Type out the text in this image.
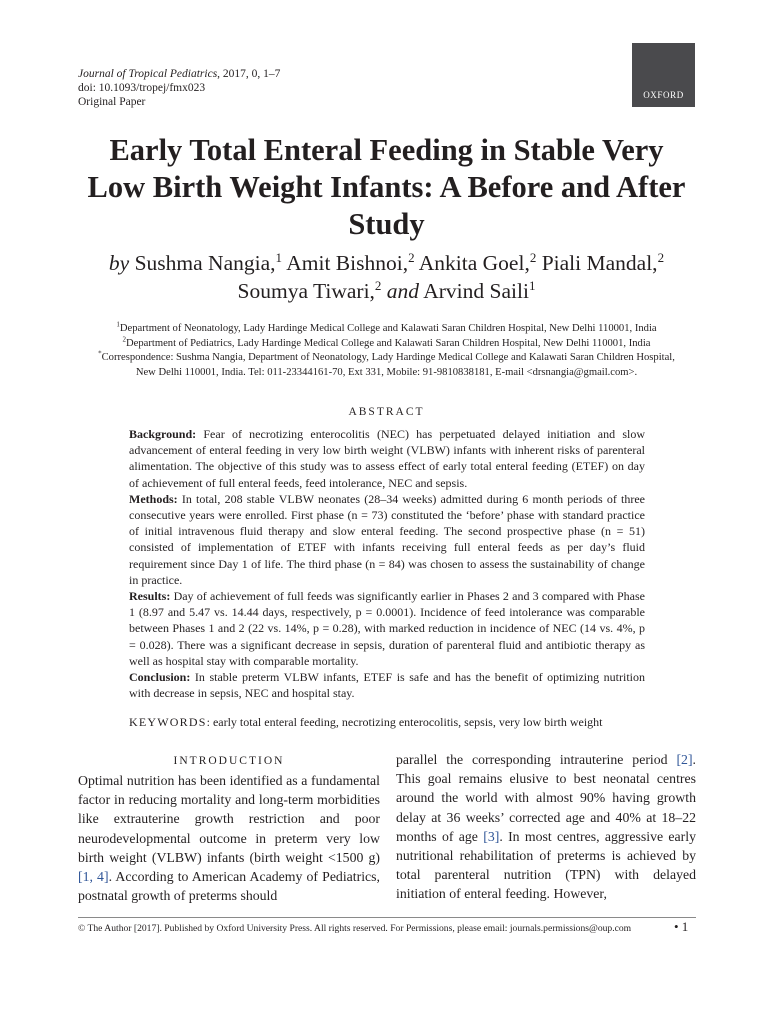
Journal of Tropical Pediatrics, 2017, 0, 1–7
doi: 10.1093/tropej/fmx023
Original Paper
OXFORD
Early Total Enteral Feeding in Stable Very Low Birth Weight Infants: A Before and After Study
by Sushma Nangia,$^1$ Amit Bishnoi,$^2$ Ankita Goel,$^2$ Piali Mandal,$^2$
Soumya Tiwari,$^2$ and Arvind Saili$^1$
$^1$Department of Neonatology, Lady Hardinge Medical College and Kalawati Saran Children Hospital, New Delhi 110001, India
$^2$Department of Pediatrics, Lady Hardinge Medical College and Kalawati Saran Children Hospital, New Delhi 110001, India
*Correspondence: Sushma Nangia, Department of Neonatology, Lady Hardinge Medical College and Kalawati Saran Children Hospital, New Delhi 110001, India. Tel: 011-23344161-70, Ext 331, Mobile: 91-9810838181, E-mail <drsnangia@gmail.com>.
ABSTRACT

Background: Fear of necrotizing enterocolitis (NEC) has perpetuated delayed initiation and slow advancement of enteral feeding in very low birth weight (VLBW) infants with inherent risks of parenteral alimentation. The objective of this study was to assess effect of early total enteral feeding (ETEF) on day of achievement of full enteral feeds, feed intolerance, NEC and sepsis.

Methods: In total, 208 stable VLBW neonates (28–34 weeks) admitted during 6 month periods of three consecutive years were enrolled. First phase (n = 73) constituted the ‘before’ phase with standard practice of initial intravenous fluid therapy and slow enteral feeding. The second prospective phase (n = 51) consisted of implementation of ETEF with infants receiving full enteral feeds as per day’s fluid requirement since Day 1 of life. The third phase (n = 84) was chosen to assess the sustainability of change in practice.

Results: Day of achievement of full feeds was significantly earlier in Phases 2 and 3 compared with Phase 1 (8.97 and 5.47 vs. 14.44 days, respectively, p = 0.0001). Incidence of feed intolerance was comparable between Phases 1 and 2 (22 vs. 14%, p = 0.28), with marked reduction in incidence of NEC (14 vs. 4%, p = 0.028). There was a significant decrease in sepsis, duration of parenteral fluid and antibiotic therapy as well as hospital stay with comparable mortality.

Conclusion: In stable preterm VLBW infants, ETEF is safe and has the benefit of optimizing nutrition with decrease in sepsis, NEC and hospital stay.

KEYWORDS: early total enteral feeding, necrotizing enterocolitis, sepsis, very low birth weight
INTRODUCTION

Optimal nutrition has been identified as a fundamental factor in reducing mortality and long-term morbidities like extrauterine growth restriction and poor neurodevelopmental outcome in preterm very low birth weight (VLBW) infants (birth weight <1500 g) [1, 4]. According to American Academy of Pediatrics, postnatal growth of preterms should

parallel the corresponding intrauterine period [2]. This goal remains elusive to best neonatal centres around the world with almost 90% having growth delay at 36 weeks’ corrected age and 40% at 18–22 months of age [3]. In most centres, aggressive early nutritional rehabilitation of preterms is achieved by total parenteral nutrition (TPN) with delayed initiation of enteral feeding. However,

© The Author [2017]. Published by Oxford University Press. All rights reserved. For Permissions, please email: journals.permissions@oup.com	• 1
